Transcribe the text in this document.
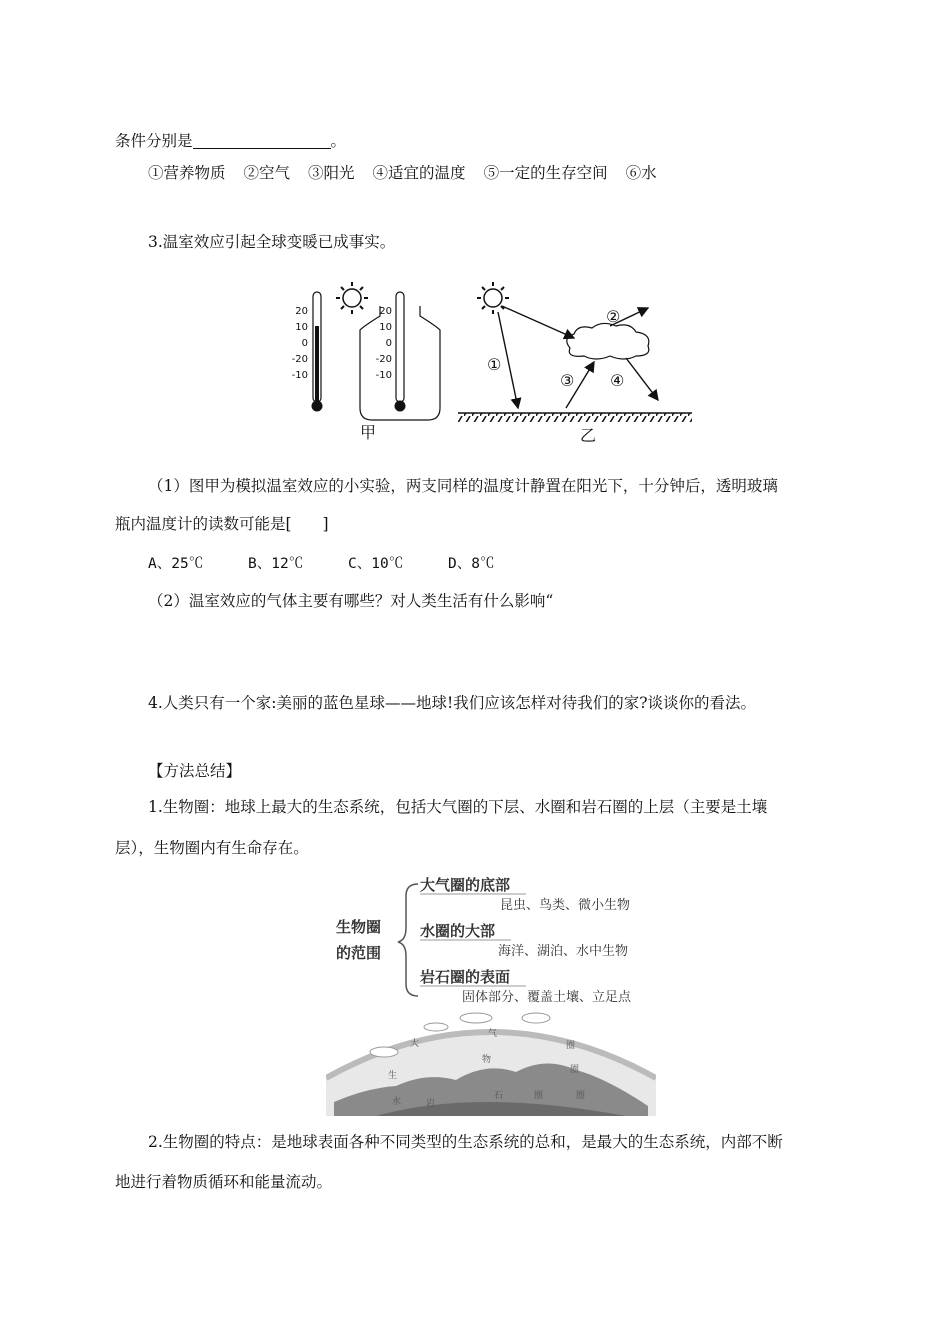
条件分别是	。
①营养物质 ②空气 ③阳光 ④适宜的温度 ⑤一定的生存空间 ⑥水
3.温室效应引起全球变暖已成事实。
20
10
0
-20
-10
20
10
0
-20
-10
甲
①
②
③ ④
乙
（1）图甲为模拟温室效应的小实验，两支同样的温度计静置在阳光下，十分钟后，透明玻璃
瓶内温度计的读数可能是[　　]
A、25℃	B、12℃	C、10℃	D、8℃
（2）温室效应的气体主要有哪些？对人类生活有什么影响“
4.人类只有一个家:美丽的蓝色星球——地球!我们应该怎样对待我们的家?谈谈你的看法。
【方法总结】
1.生物圈：地球上最大的生态系统，包括大气圈的下层、水圈和岩石圈的上层（主要是土壤
层），生物圈内有生命存在。
生物圈
的范围
大气圈的底部
水圈的大部
岩石圈的表面
昆虫、鸟类、微小生物
海洋、湖泊、水中生物
固体部分、覆盖土壤、立足点
大
气
圈
生
物
圈
水	岩
石	圈	圈
2.生物圈的特点：是地球表面各种不同类型的生态系统的总和，是最大的生态系统，内部不断
地进行着物质循环和能量流动。
